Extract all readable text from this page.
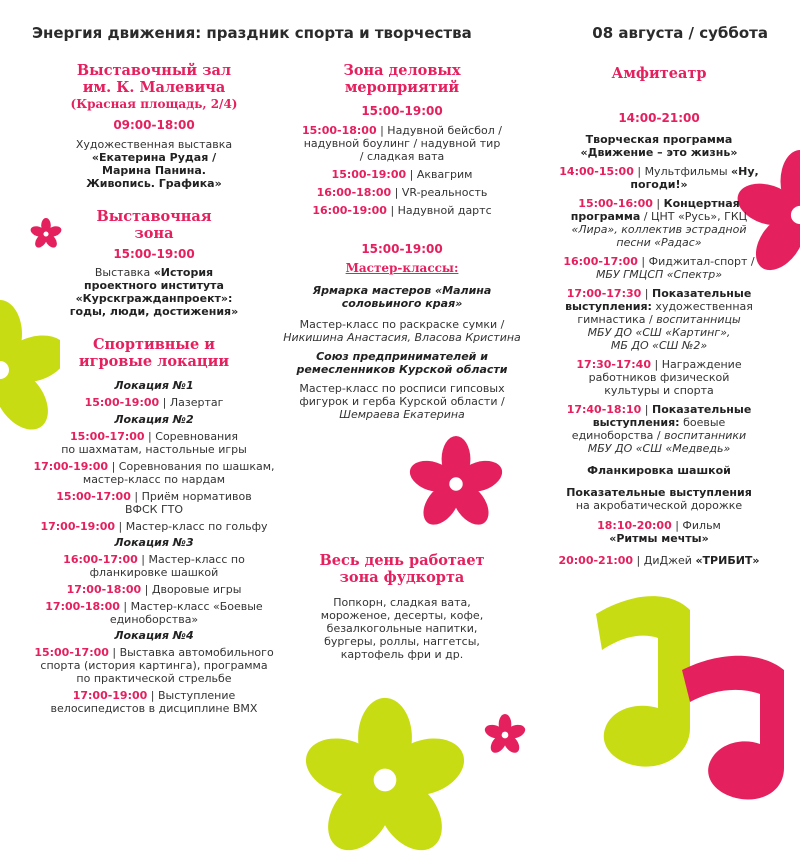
Энергия движения: праздник спорта и творчества	08 августа / суббота

Выставочный зал

им. К. Малевича

(Красная площадь, 2/4)

09:00-18:00

Художественная выставка

«Екатерина Рудая /

Марина Панина.

Живопись. Графика»

Выставочная

зона

15:00-19:00

Выставка «История

проектного института

«Курскгражданпроект»:

годы, люди, достижения»

Спортивные и

игровые локации

Локация №1

15:00-19:00 | Лазертаг

Локация №2

15:00-17:00 | Соревнования

по шахматам, настольные игры

17:00-19:00 | Соревнования по шашкам,

мастер-класс по нардам

15:00-17:00 | Приём нормативов

ВФСК ГТО

17:00-19:00 | Мастер-класс по гольфу

Локация №3

16:00-17:00 | Мастер-класс по

фланкировке шашкой

17:00-18:00 | Дворовые игры

17:00-18:00 | Мастер-класс «Боевые

единоборства»

Локация №4

15:00-17:00 | Выставка автомобильного

спорта (история картинга), программа

по практической стрельбе

17:00-19:00 | Выступление

велосипедистов в дисциплине BMX

Зона деловых

мероприятий

15:00-19:00

15:00-18:00 | Надувной бейсбол /

надувной боулинг / надувной тир

/ сладкая вата

15:00-19:00 | Аквагрим

16:00-18:00 | VR-реальность

16:00-19:00 | Надувной дартс

15:00-19:00

Мастер-классы:

Ярмарка мастеров «Малина

соловьиного края»

Мастер-класс по раскраске сумки /

Никишина Анастасия, Власова Кристина

Союз предпринимателей и

ремесленников Курской области

Мастер-класс по росписи гипсовых

фигурок и герба Курской области /

Шемраева Екатерина

Весь день работает

зона фудкорта

Попкорн, сладкая вата,

мороженое, десерты, кофе,

безалкогольные напитки,

бургеры, роллы, наггетсы,

картофель фри и др.

Амфитеатр

14:00-21:00

Творческая программа

«Движение – это жизнь»

14:00-15:00 | Мультфильмы «Ну,

погоди!»

15:00-16:00 | Концертная

программа / ЦНТ «Русь», ГКЦ

«Лира», коллектив эстрадной

песни «Радас»

16:00-17:00 | Фиджитал-спорт /

МБУ ГМЦСП «Спектр»

17:00-17:30 | Показательные

выступления: художественная

гимнастика / воспитанницы

МБУ ДО «СШ «Картинг»,

МБ ДО «СШ №2»

17:30-17:40 | Награждение

работников физической

культуры и спорта

17:40-18:10 | Показательные

выступления: боевые

единоборства / воспитанники

МБУ ДО «СШ «Медведь»

Фланкировка шашкой

Показательные выступления

на акробатической дорожке

18:10-20:00 | Фильм

«Ритмы мечты»

20:00-21:00 | ДиДжей «ТРИБИТ»
